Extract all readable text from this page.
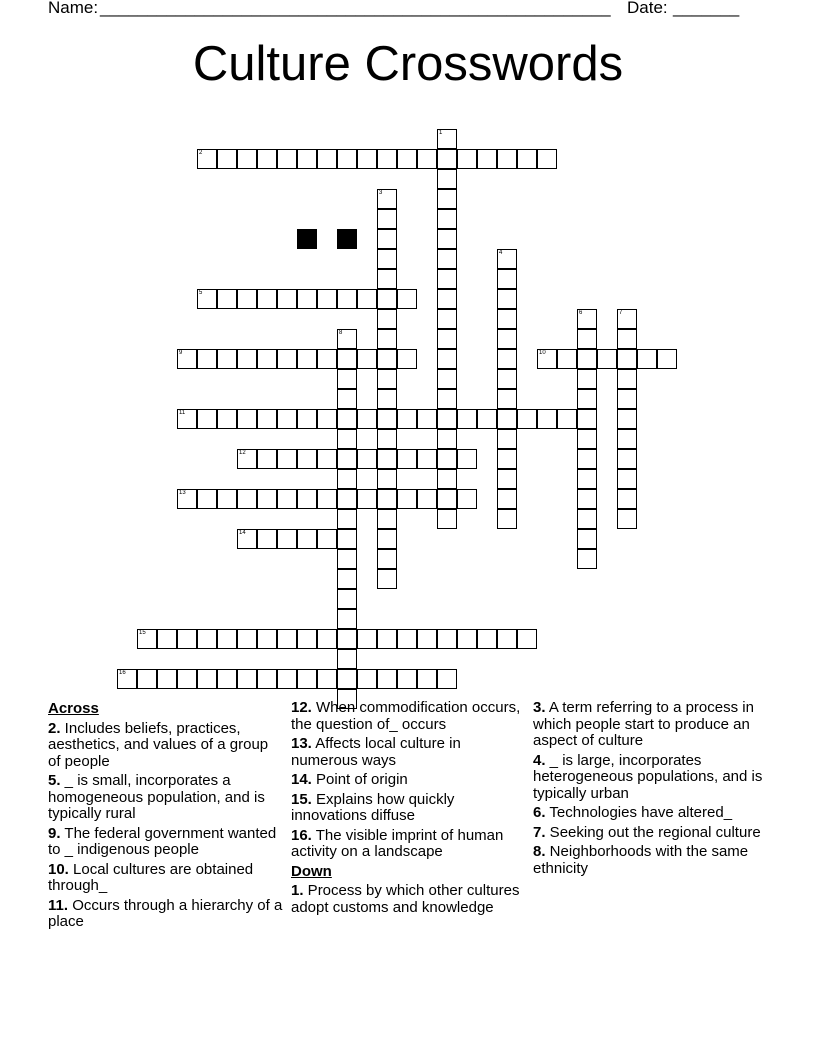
Name: ______________________________________________________ Date: _______
Culture Crosswords
1
2
3
4
5
6	7
8
9	10
11
12
13
14
15
16
Across
2. Includes beliefs, practices, aesthetics, and values of a group of people
5. _ is small, incorporates a homogeneous population, and is typically rural
9. The federal government wanted to _ indigenous people
10. Local cultures are obtained through_
11. Occurs through a hierarchy of a place
12. When commodification occurs, the question of_ occurs
13. Affects local culture in numerous ways
14. Point of origin
15. Explains how quickly innovations diffuse
16. The visible imprint of human activity on a landscape
Down
1. Process by which other cultures adopt customs and knowledge
3. A term referring to a process in which people start to produce an aspect of culture
4. _ is large, incorporates heterogeneous populations, and is typically urban
6. Technologies have altered_
7. Seeking out the regional culture
8. Neighborhoods with the same ethnicity
